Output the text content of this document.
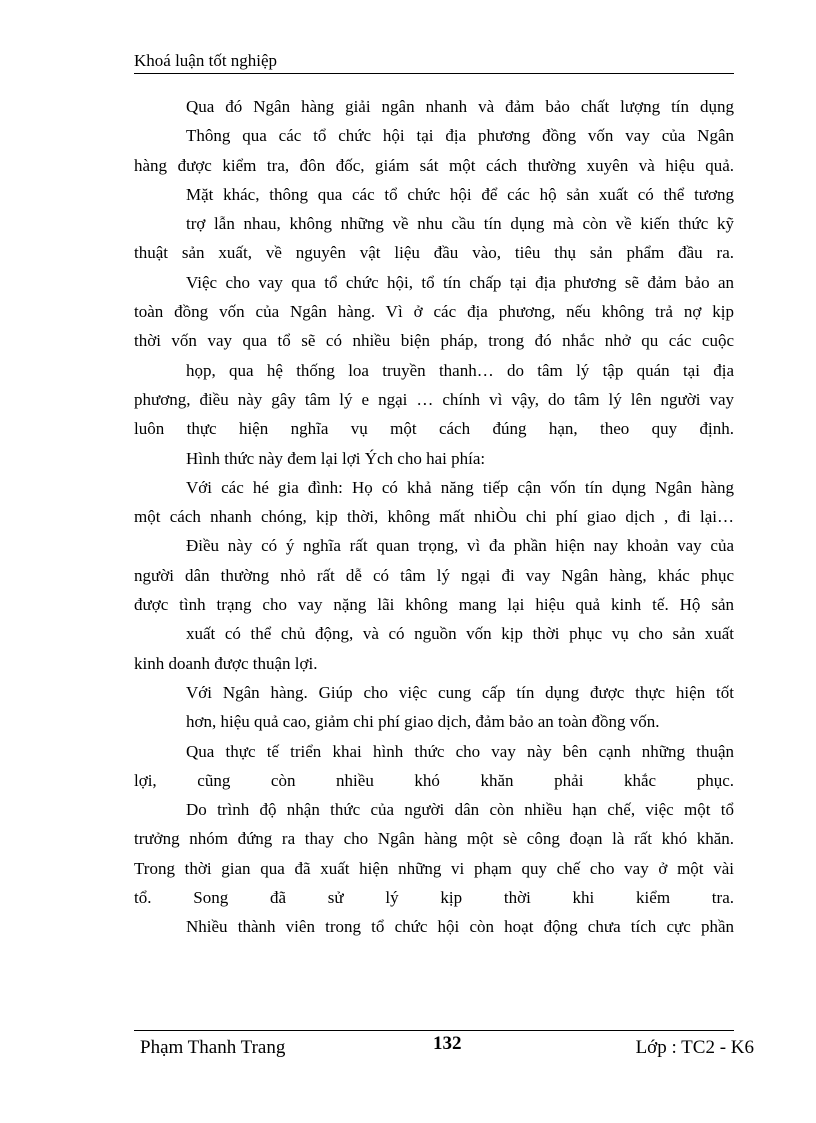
Khoá luận tốt nghiệp
Qua đó Ngân hàng giải ngân nhanh và đảm bảo chất lượng tín dụng
Thông qua các tổ chức hội tại địa phương đồng vốn vay của Ngân
hàng được kiểm tra, đôn đốc, giám sát một cách thường xuyên và hiệu quả.
Mặt khác, thông qua các tổ chức hội để các hộ sản xuất có thể tương
trợ lẫn nhau, không những về nhu cầu tín dụng mà còn về kiến thức kỹ
thuật sản xuất, về nguyên vật liệu đầu vào, tiêu thụ sản phẩm đầu ra.
Việc cho vay qua tổ chức hội, tổ tín chấp tại địa phương sẽ đảm bảo an
toàn đồng vốn của Ngân hàng. Vì ở các địa phương, nếu không trả nợ kịp
thời vốn vay qua tổ sẽ có nhiều biện pháp, trong đó nhắc nhở qu các cuộc
họp, qua hệ thống loa truyền thanh… do tâm lý tập quán tại địa
phương, điều này gây tâm lý e ngại … chính vì vậy, do tâm lý lên người vay
luôn thực hiện nghĩa vụ một cách đúng hạn, theo quy định.
Hình thức này đem lại lợi Ých cho hai phía:
Với các hé gia đình: Họ có khả năng tiếp cận vốn tín dụng Ngân hàng
một cách nhanh chóng, kịp thời, không mất nhiÒu chi phí giao dịch , đi lại…
Điều này có ý nghĩa rất quan trọng, vì đa phần hiện nay khoản vay của
người dân thường nhỏ rất dễ có tâm lý ngại đi vay Ngân hàng, khác phục
được tình trạng cho vay nặng lãi không mang lại hiệu quả kinh tế. Hộ sản
xuất có thể chủ động, và có nguồn vốn kịp thời phục vụ cho sản xuất
kinh doanh được thuận lợi.
Với Ngân hàng. Giúp cho việc cung cấp tín dụng được thực hiện tốt
hơn, hiệu quả cao, giảm chi phí giao dịch, đảm bảo an toàn đồng vốn.
Qua thực tế triển khai hình thức cho vay này bên cạnh những thuận
lợi, cũng còn nhiều khó khăn phải khắc phục.
Do trình độ nhận thức của người dân còn nhiều hạn chế, việc một tổ
trưởng nhóm đứng ra thay cho Ngân hàng một sè công đoạn là rất khó khăn.
Trong thời gian qua đã xuất hiện những vi phạm quy chế cho vay ở một vài
tổ. Song đã sử lý kịp thời khi kiểm tra.
Nhiều thành viên trong tổ chức hội còn hoạt động chưa tích cực phần
Phạm Thanh Trang	132	Lớp : TC2 - K6
